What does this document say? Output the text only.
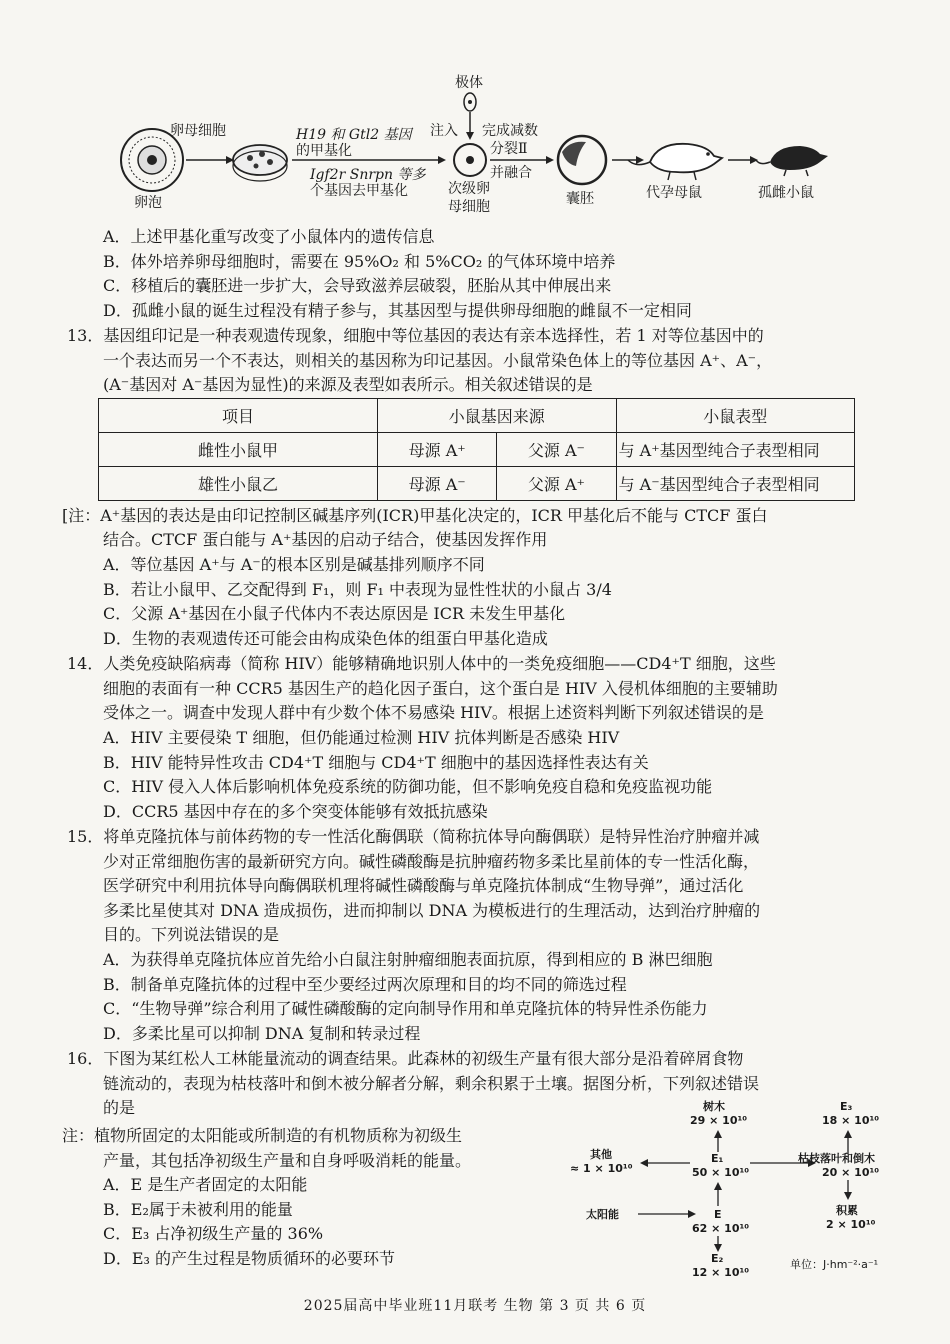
极体
卵母细胞	H19 和 Gtl2 基因
的甲基化
Igf2r Snrpn 等多
个基因去甲基化
注入 完成减数
分裂Ⅱ
并融合
次级卵
母细胞
卵泡	囊胚	代孕母鼠	孤雌小鼠
A．上述甲基化重写改变了小鼠体内的遗传信息
B．体外培养卵母细胞时，需要在 95%O₂ 和 5%CO₂ 的气体环境中培养
C．移植后的囊胚进一步扩大，会导致滋养层破裂，胚胎从其中伸展出来
D．孤雌小鼠的诞生过程没有精子参与，其基因型与提供卵母细胞的雌鼠不一定相同
13．基因组印记是一种表观遗传现象，细胞中等位基因的表达有亲本选择性，若 1 对等位基因中的
一个表达而另一个不表达，则相关的基因称为印记基因。小鼠常染色体上的等位基因 A⁺、A⁻，
(A⁻基因对 A⁻基因为显性)的来源及表型如表所示。相关叙述错误的是
项目	小鼠基因来源		小鼠表型
雌性小鼠甲	母源 A⁺	父源 A⁻	与 A⁺基因型纯合子表型相同
雄性小鼠乙	母源 A⁻	父源 A⁺	与 A⁻基因型纯合子表型相同
[注：A⁺基因的表达是由印记控制区碱基序列(ICR)甲基化决定的，ICR 甲基化后不能与 CTCF 蛋白
结合。CTCF 蛋白能与 A⁺基因的启动子结合，使基因发挥作用
A．等位基因 A⁺与 A⁻的根本区别是碱基排列顺序不同
B．若让小鼠甲、乙交配得到 F₁，则 F₁ 中表现为显性性状的小鼠占 3/4
C．父源 A⁺基因在小鼠子代体内不表达原因是 ICR 未发生甲基化
D．生物的表观遗传还可能会由构成染色体的组蛋白甲基化造成
14．人类免疫缺陷病毒（简称 HIV）能够精确地识别人体中的一类免疫细胞——CD4⁺T 细胞，这些
细胞的表面有一种 CCR5 基因生产的趋化因子蛋白，这个蛋白是 HIV 入侵机体细胞的主要辅助
受体之一。调查中发现人群中有少数个体不易感染 HIV。根据上述资料判断下列叙述错误的是
A．HIV 主要侵染 T 细胞，但仍能通过检测 HIV 抗体判断是否感染 HIV
B．HIV 能特异性攻击 CD4⁺T 细胞与 CD4⁺T 细胞中的基因选择性表达有关
C．HIV 侵入人体后影响机体免疫系统的防御功能，但不影响免疫自稳和免疫监视功能
D．CCR5 基因中存在的多个突变体能够有效抵抗感染
15．将单克隆抗体与前体药物的专一性活化酶偶联（简称抗体导向酶偶联）是特异性治疗肿瘤并减
少对正常细胞伤害的最新研究方向。碱性磷酸酶是抗肿瘤药物多柔比星前体的专一性活化酶，
医学研究中利用抗体导向酶偶联机理将碱性磷酸酶与单克隆抗体制成“生物导弹”，通过活化
多柔比星使其对 DNA 造成损伤，进而抑制以 DNA 为模板进行的生理活动，达到治疗肿瘤的
目的。下列说法错误的是
A．为获得单克隆抗体应首先给小白鼠注射肿瘤细胞表面抗原，得到相应的 B 淋巴细胞
B．制备单克隆抗体的过程中至少要经过两次原理和目的均不同的筛选过程
C．“生物导弹”综合利用了碱性磷酸酶的定向制导作用和单克隆抗体的特异性杀伤能力
D．多柔比星可以抑制 DNA 复制和转录过程
16．下图为某红松人工林能量流动的调查结果。此森林的初级生产量有很大部分是沿着碎屑食物
链流动的，表现为枯枝落叶和倒木被分解者分解，剩余积累于土壤。据图分析，下列叙述错误
的是
注：植物所固定的太阳能或所制造的有机物质称为初级生
产量，其包括净初级生产量和自身呼吸消耗的能量。
A．E 是生产者固定的太阳能
B．E₂属于未被利用的能量
C．E₃ 占净初级生产量的 36%
D．E₃ 的产生过程是物质循环的必要环节
树木
29 × 10¹⁰
E₃
18 × 10¹⁰
其他
≈ 1 × 10¹⁰
E₁
50 × 10¹⁰
枯枝落叶和倒木
20 × 10¹⁰
积累
2 × 10¹⁰
太阳能	E
62 × 10¹⁰
E₂
12 × 10¹⁰
单位：J·hm⁻²·a⁻¹
2025届高中毕业班11月联考 生物 第 3 页 共 6 页
